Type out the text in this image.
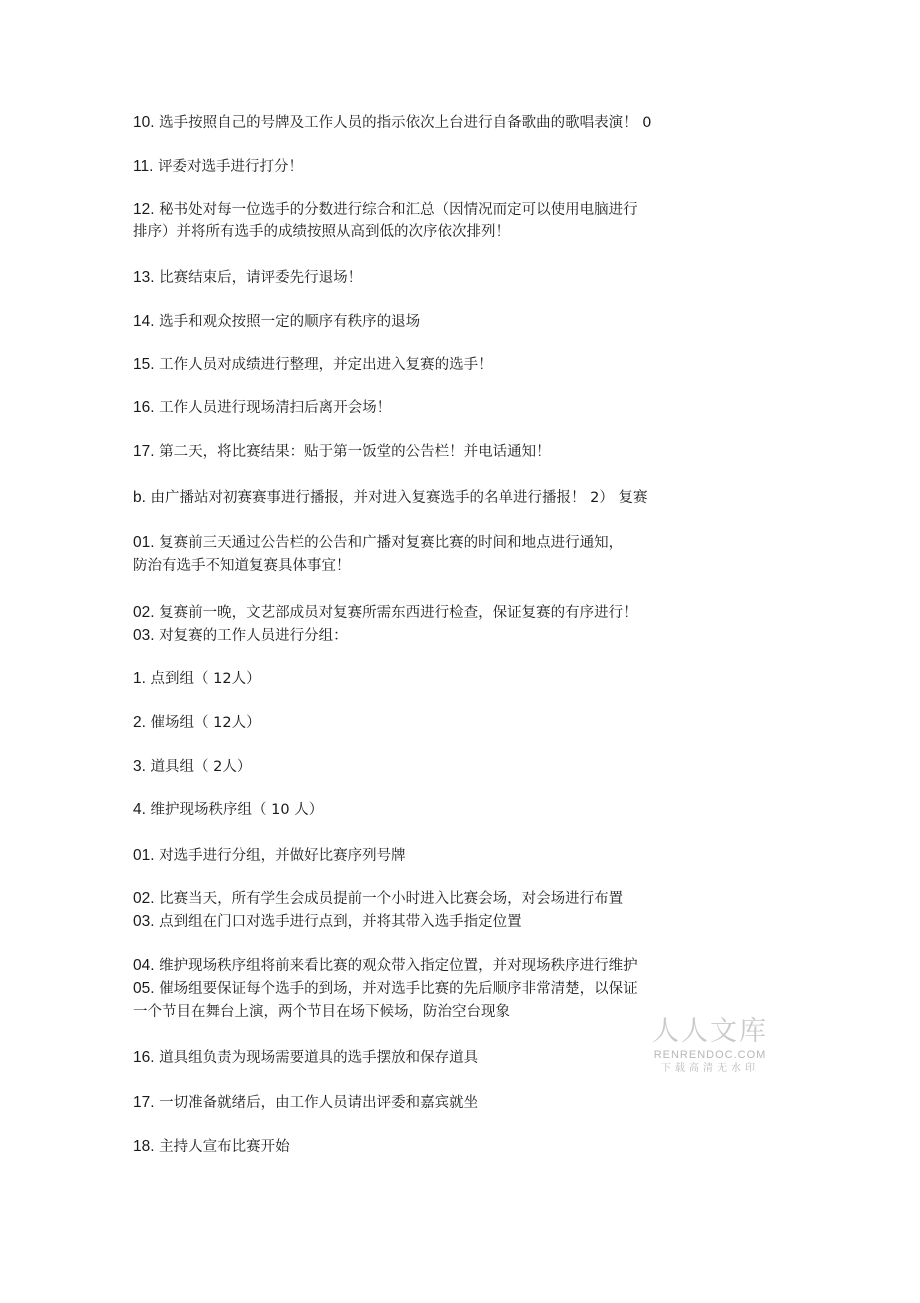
10. 选手按照自己的号牌及工作人员的指示依次上台进行自备歌曲的歌唱表演！ 0
11. 评委对选手进行打分！
12. 秘书处对每一位选手的分数进行综合和汇总（因情况而定可以使用电脑进行
排序）并将所有选手的成绩按照从高到低的次序依次排列！
13. 比赛结束后，请评委先行退场！
14. 选手和观众按照一定的顺序有秩序的退场
15. 工作人员对成绩进行整理，并定出进入复赛的选手！
16. 工作人员进行现场清扫后离开会场！
17. 第二天，将比赛结果：贴于第一饭堂的公告栏！并电话通知！
b. 由广播站对初赛赛事进行播报，并对进入复赛选手的名单进行播报！ 2） 复赛
01. 复赛前三天通过公告栏的公告和广播对复赛比赛的时间和地点进行通知，
防治有选手不知道复赛具体事宜！
02. 复赛前一晚，文艺部成员对复赛所需东西进行检查，保证复赛的有序进行！
03. 对复赛的工作人员进行分组：
1. 点到组（ 12人）
2. 催场组（ 12人）
3. 道具组（ 2人）
4. 维护现场秩序组（ 10 人）
01. 对选手进行分组，并做好比赛序列号牌
02. 比赛当天，所有学生会成员提前一个小时进入比赛会场，对会场进行布置
03. 点到组在门口对选手进行点到，并将其带入选手指定位置
04. 维护现场秩序组将前来看比赛的观众带入指定位置，并对现场秩序进行维护
05. 催场组要保证每个选手的到场，并对选手比赛的先后顺序非常清楚，以保证
一个节目在舞台上演，两个节目在场下候场，防治空台现象
16. 道具组负责为现场需要道具的选手摆放和保存道具
17. 一切准备就绪后，由工作人员请出评委和嘉宾就坐
18. 主持人宣布比赛开始
人人文库
RENRENDOC.COM
下载高清无水印
